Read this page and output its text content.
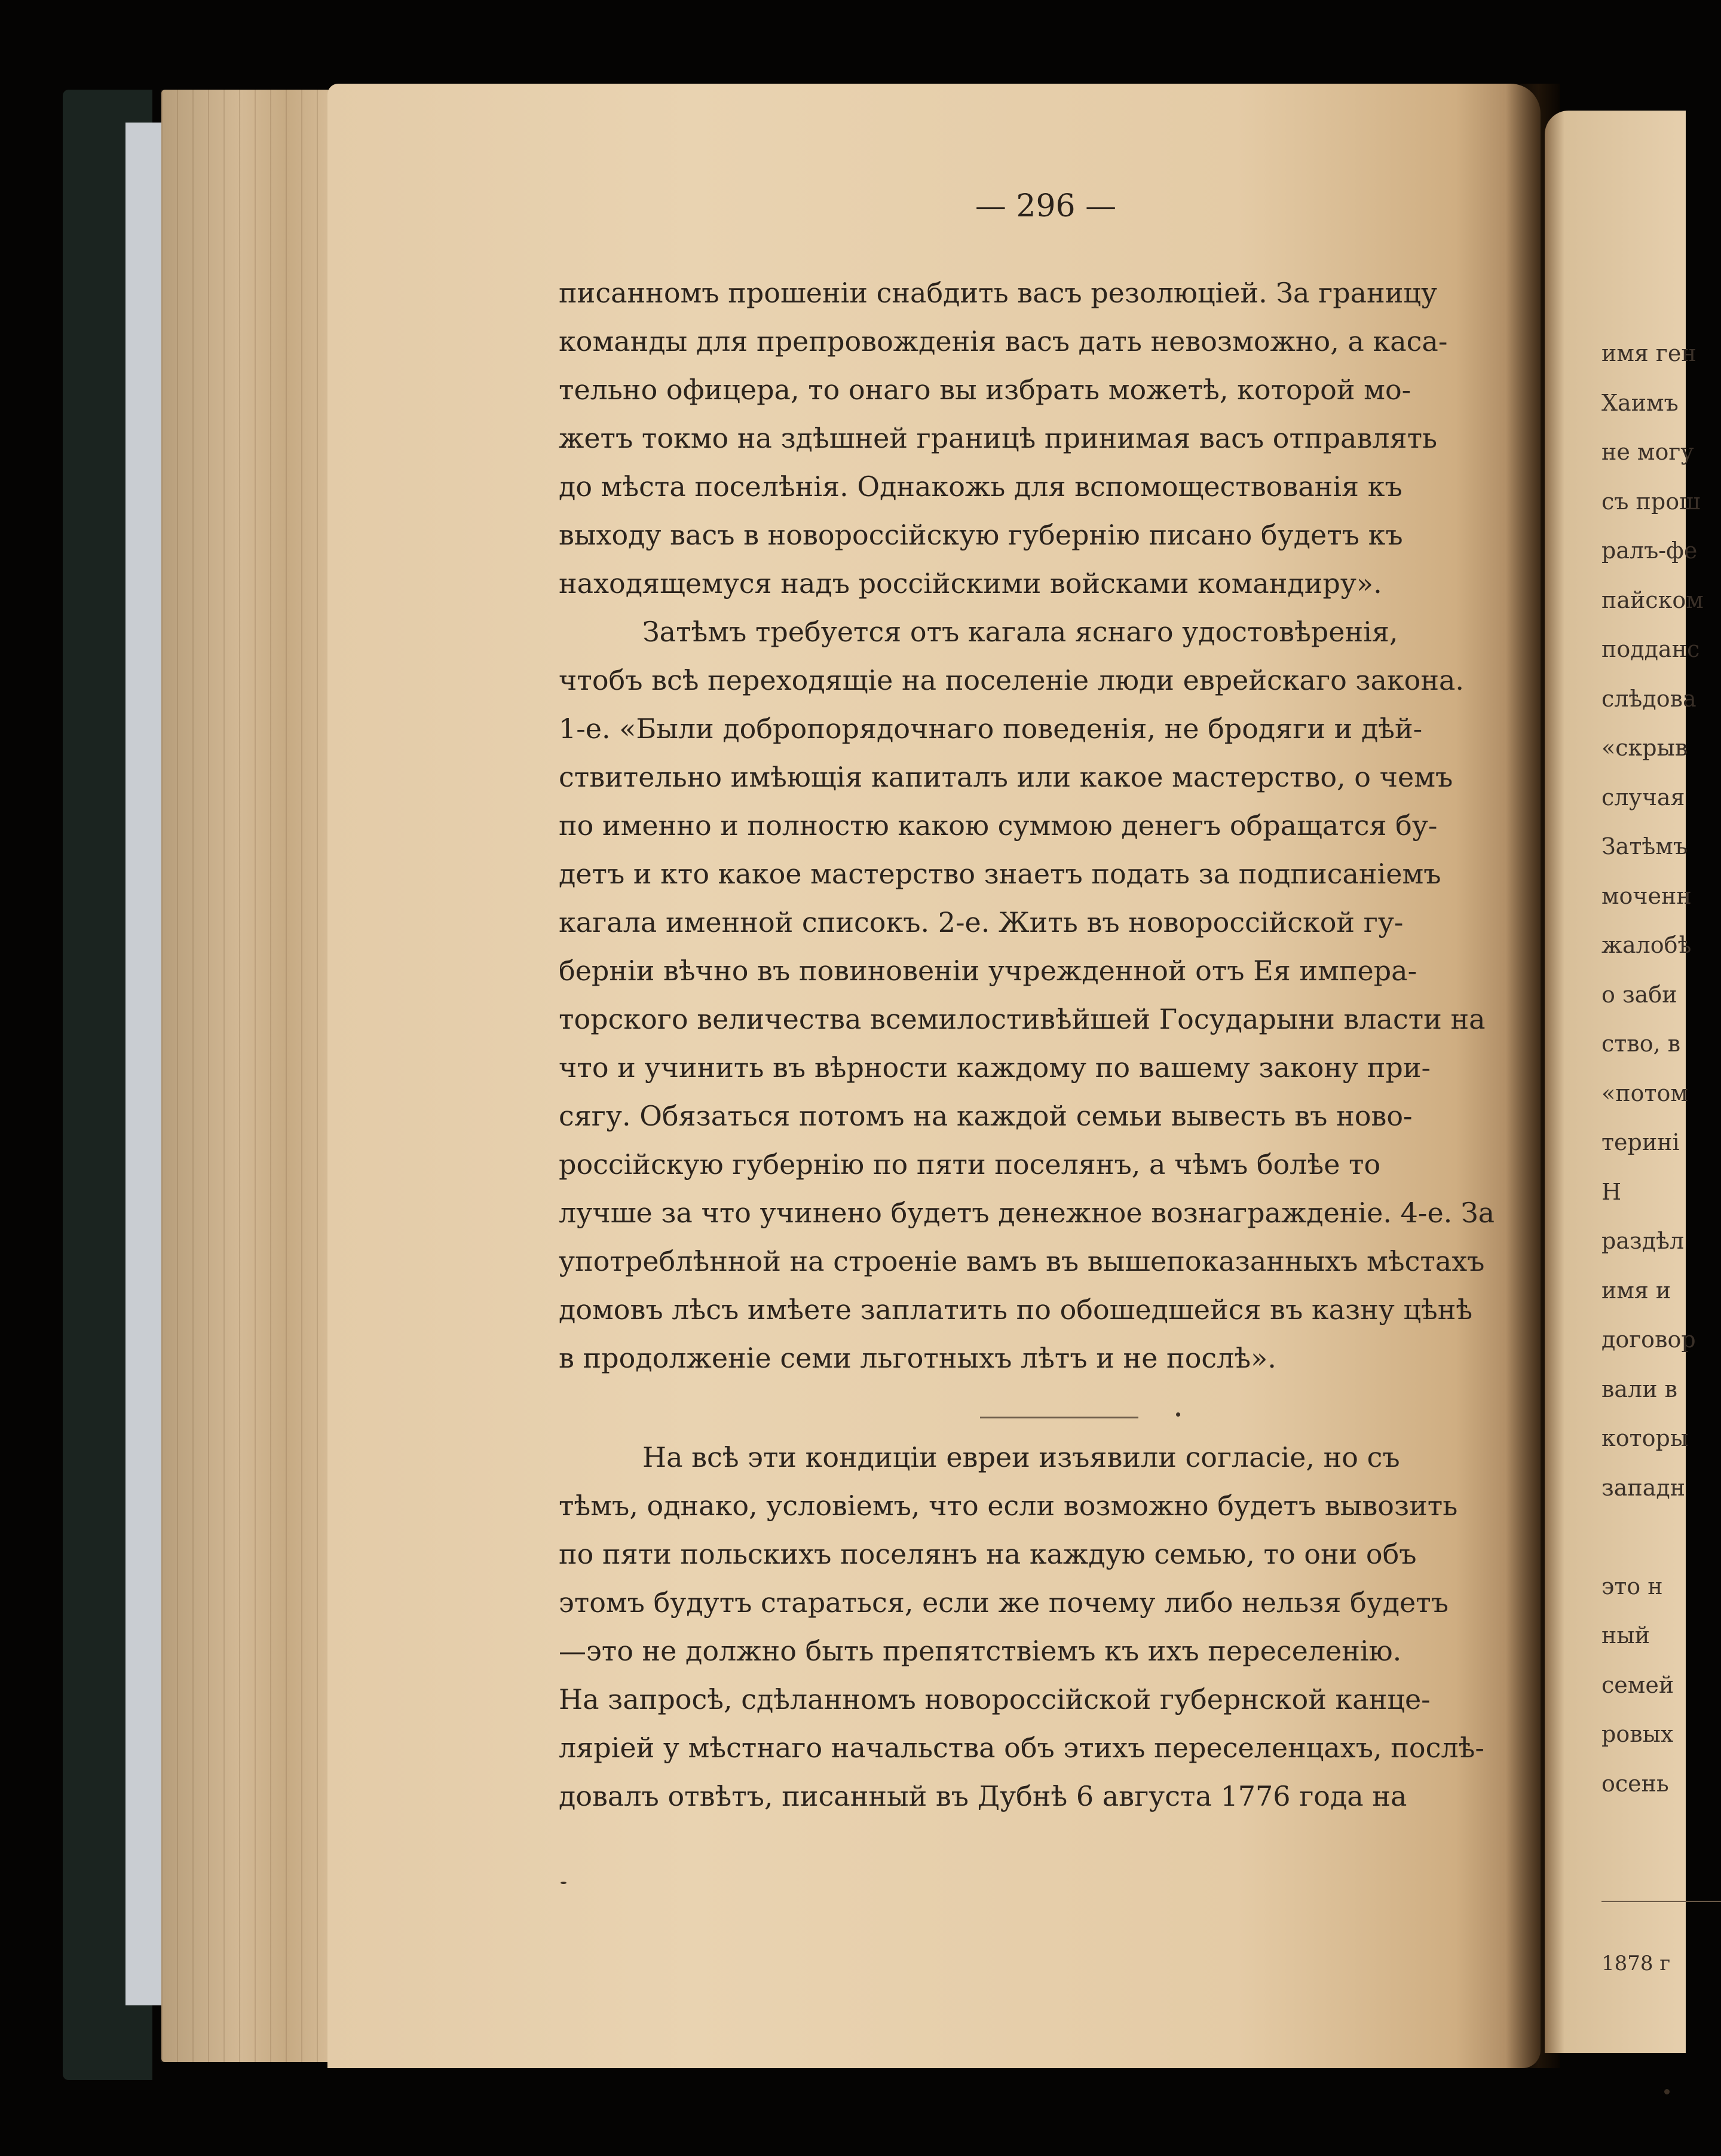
— 296 —
писанномъ прошеніи снабдить васъ резолюціей. За границу
команды для препровожденія васъ дать невозможно, а каса-
тельно офицера, то онаго вы избрать можетѣ, которой мо-
жетъ токмо на здѣшней границѣ принимая васъ отправлять
до мѣста поселѣнія. Однакожь для вспомоществованія къ
выходу васъ в новороссійскую губернію писано будетъ къ
находящемуся надъ россійскими войсками командиру».
Затѣмъ требуется отъ кагала яснаго удостовѣренія,
чтобъ всѣ переходящіе на поселеніе люди еврейскаго закона.
1-е. «Были добропорядочнаго поведенія, не бродяги и дѣй-
ствительно имѣющія капиталъ или какое мастерство, о чемъ
по именно и полностю какою суммою денегъ обращатся бу-
детъ и кто какое мастерство знаетъ подать за подписаніемъ
кагала именной списокъ. 2-е. Жить въ новороссійской гу-
берніи вѣчно въ повиновеніи учрежденной отъ Ея импера-
торского величества всемилостивѣйшей Государыни власти на
что и учинить въ вѣрности каждому по вашему закону при-
сягу. Обязаться потомъ на каждой семьи вывесть въ ново-
россійскую губернію по пяти поселянъ, а чѣмъ болѣе то
лучше за что учинено будетъ денежное вознагражденіе. 4-е. За
употреблѣнной на строеніе вамъ въ вышепоказанныхъ мѣстахъ
домовъ лѣсъ имѣете заплатить по обошедшейся въ казну цѣнѣ
в продолженіе семи льготныхъ лѣтъ и не послѣ».
На всѣ эти кондиціи евреи изъявили согласіе, но съ
тѣмъ, однако, условіемъ, что если возможно будетъ вывозить
по пяти польскихъ поселянъ на каждую семью, то они объ
этомъ будутъ стараться, если же почему либо нельзя будетъ
—это не должно быть препятствіемъ къ ихъ переселенію.
На запросѣ, сдѣланномъ новороссійской губернской канце-
ляріей у мѣстнаго начальства объ этихъ переселенцахъ, послѣ-
довалъ отвѣтъ, писанный въ Дубнѣ 6 августа 1776 года на
имя ген
Хаимъ
не могу
съ прош
ралъ-фе
пайском
подданс
слѣдова
«скрыв
случая
Затѣмъ
моченн
жалобѣ
о заби
ство, в
«потом
терині
Н
раздѣл
имя и
договор
вали в
которы
западн
это н
ный
семей
ровых
осень
1878 г
